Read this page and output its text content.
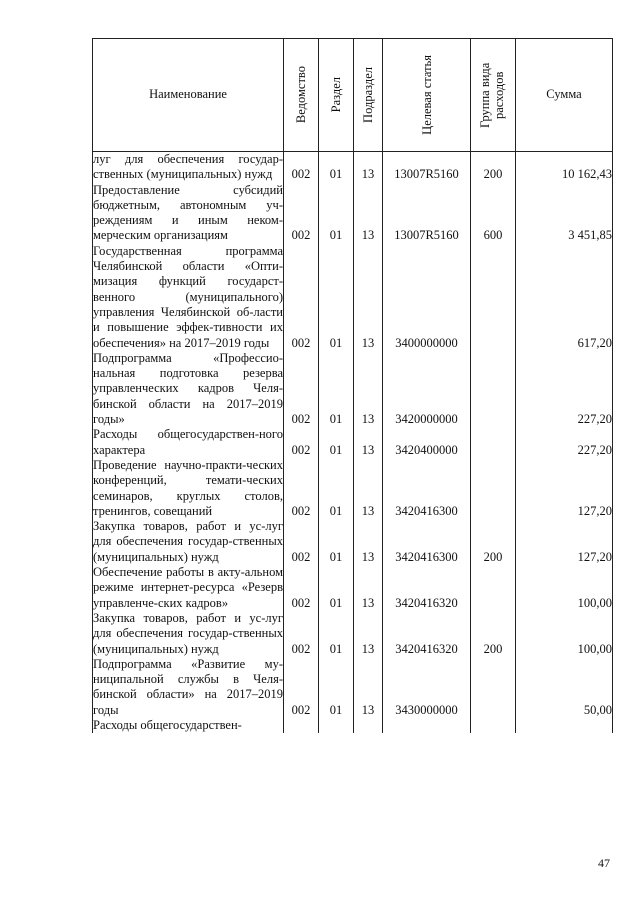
Наименование	Ведомство	Раздел	Подраздел	Целевая статья	Группа вида расходов	Сумма
луг для обеспечения государ-ственных (муниципальных) нужд	002	01	13	13007R5160	200	10 162,43
Предоставление субсидий бюджетным, автономным уч-реждениям и иным неком-мерческим организациям	002	01	13	13007R5160	600	3 451,85
Государственная программа Челябинской области «Опти-мизация функций государст-венного (муниципального) управления Челябинской об-ласти и повышение эффек-тивности их обеспечения» на 2017–2019 годы	002	01	13	3400000000		617,20
Подпрограмма «Профессио-нальная подготовка резерва управленческих кадров Челя-бинской области на 2017–2019 годы»	002	01	13	3420000000		227,20
Расходы общегосударствен-ного характера	002	01	13	3420400000		227,20
Проведение научно-практи-ческих конференций, темати-ческих семинаров, круглых столов, тренингов, совещаний	002	01	13	3420416300		127,20
Закупка товаров, работ и ус-луг для обеспечения государ-ственных (муниципальных) нужд	002	01	13	3420416300	200	127,20
Обеспечение работы в акту-альном режиме интернет-ресурса «Резерв управленче-ских кадров»	002	01	13	3420416320		100,00
Закупка товаров, работ и ус-луг для обеспечения государ-ственных (муниципальных) нужд	002	01	13	3420416320	200	100,00
Подпрограмма «Развитие му-ниципальной службы в Челя-бинской области» на 2017–2019 годы	002	01	13	3430000000		50,00
Расходы общегосударствен-						
47
